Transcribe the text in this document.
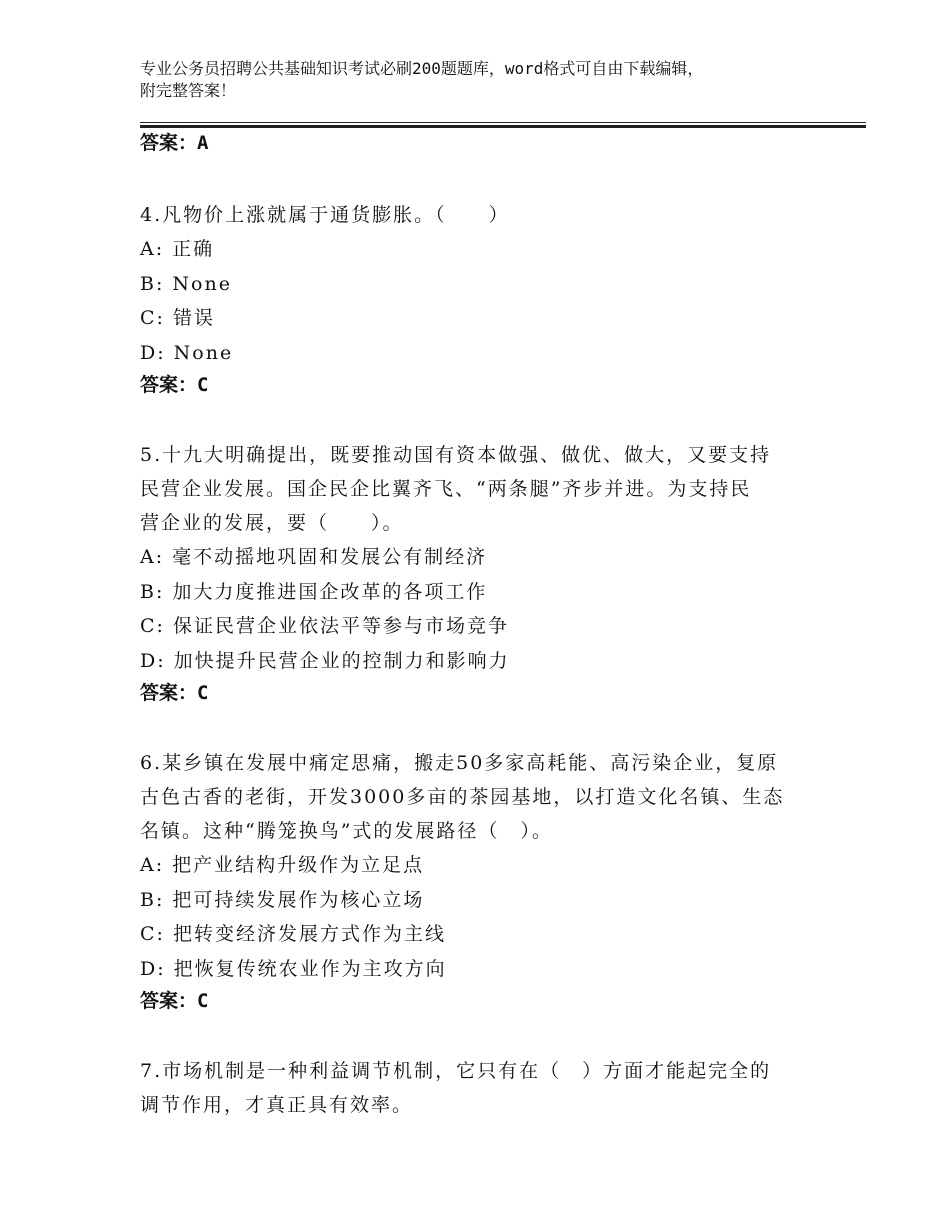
专业公务员招聘公共基础知识考试必刷200题题库，word格式可自由下载编辑，
附完整答案！

答案：A

4.凡物价上涨就属于通货膨胀。（　　）

A: 正确

B: None

C: 错误

D: None

答案：C

5.十九大明确提出，既要推动国有资本做强、做优、做大，又要支持

民营企业发展。国企民企比翼齐飞、“两条腿”齐步并进。为支持民

营企业的发展，要（　　）。

A: 毫不动摇地巩固和发展公有制经济

B: 加大力度推进国企改革的各项工作

C: 保证民营企业依法平等参与市场竞争

D: 加快提升民营企业的控制力和影响力

答案：C

6.某乡镇在发展中痛定思痛，搬走50多家高耗能、高污染企业，复原

古色古香的老街，开发3000多亩的茶园基地，以打造文化名镇、生态

名镇。这种“腾笼换鸟”式的发展路径（　）。

A: 把产业结构升级作为立足点

B: 把可持续发展作为核心立场

C: 把转变经济发展方式作为主线

D: 把恢复传统农业作为主攻方向

答案：C

7.市场机制是一种利益调节机制，它只有在（　）方面才能起完全的

调节作用，才真正具有效率。
